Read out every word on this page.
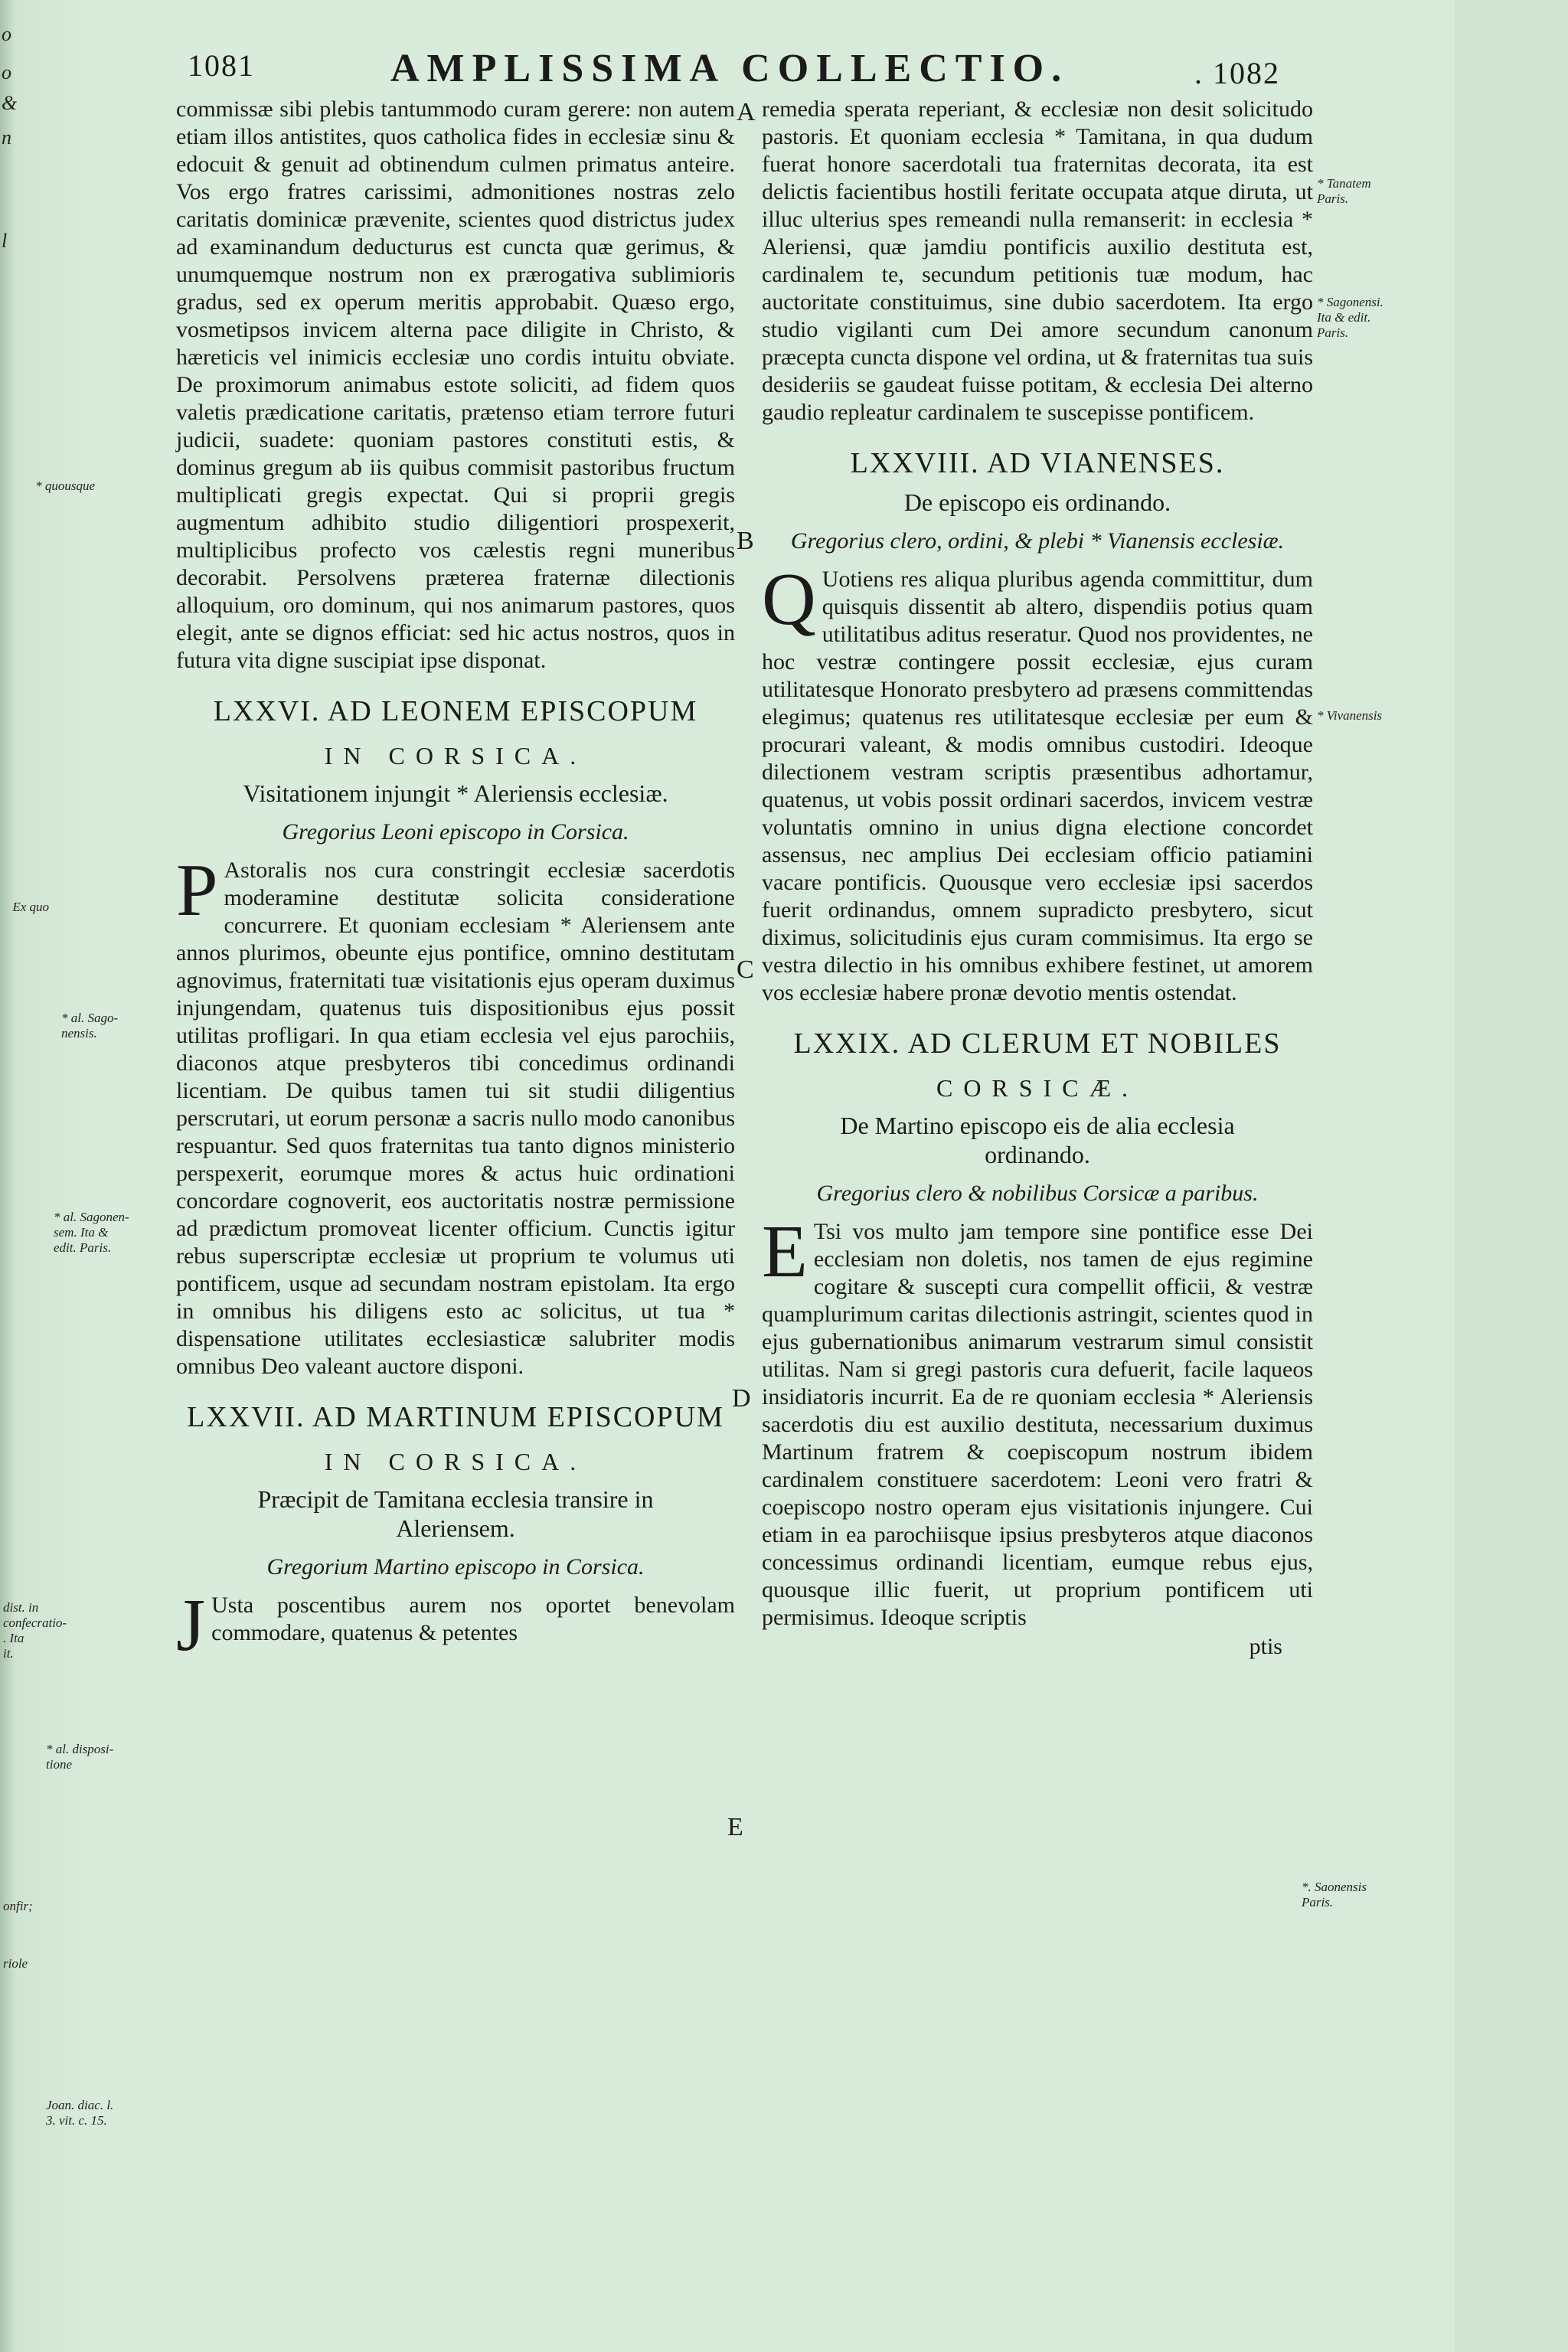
o
o
&
n
l
1081	AMPLISSIMA COLLECTIO.	. 1082
* quousque
Ex quo
* al. Sago-
nensis.
* al. Sagonen-
sem. Ita &
edit. Paris.
dist. in
confecratio-
. Ita
it.
* al. disposi-
tione
onfir;
riole
Joan. diac. l.
3. vit. c. 15.
* Tanatem
Paris.
* Sagonensi.
Ita & edit.
Paris.
* Vivanensis
*. Saonensis
Paris.
A
B
C
D
E

commissæ sibi plebis tantummodo curam gerere: non autem etiam illos antistites, quos catholica fides in ecclesiæ sinu & edocuit & genuit ad obtinendum culmen primatus anteire. Vos ergo fratres carissimi, admonitiones nostras zelo caritatis dominicæ prævenite, scientes quod districtus judex ad examinandum deducturus est cuncta quæ gerimus, & unumquemque nostrum non ex prærogativa sublimioris gradus, sed ex operum meritis approbabit. Quæso ergo, vosmetipsos invicem alterna pace diligite in Christo, & hæreticis vel inimicis ecclesiæ uno cordis intuitu obviate. De proximorum animabus estote soliciti, ad fidem quos valetis prædicatione caritatis, prætenso etiam terrore futuri judicii, suadete: quoniam pastores constituti estis, & dominus gregum ab iis quibus commisit pastoribus fructum multiplicati gregis expectat. Qui si proprii gregis augmentum adhibito studio diligentiori prospexerit, multiplicibus profecto vos cælestis regni muneribus decorabit. Persolvens præterea fraternæ dilectionis alloquium, oro dominum, qui nos animarum pastores, quos elegit, ante se dignos efficiat: sed hic actus nostros, quos in futura vita digne suscipiat ipse disponat.

LXXVI. AD LEONEM EPISCOPUM
IN CORSICA.
Visitationem injungit * Aleriensis ecclesiæ.
Gregorius Leoni episcopo in Corsica.

P Astoralis nos cura constringit ecclesiæ sacerdotis moderamine destitutæ solicita consideratione concurrere. Et quoniam ecclesiam * Aleriensem ante annos plurimos, obeunte ejus pontifice, omnino destitutam agnovimus, fraternitati tuæ visitationis ejus operam duximus injungendam, quatenus tuis dispositionibus ejus possit utilitas profligari. In qua etiam ecclesia vel ejus parochiis, diaconos atque presbyteros tibi concedimus ordinandi licentiam. De quibus tamen tui sit studii diligentius perscrutari, ut eorum personæ a sacris nullo modo canonibus respuantur. Sed quos fraternitas tua tanto dignos ministerio perspexerit, eorumque mores & actus huic ordinationi concordare cognoverit, eos auctoritatis nostræ permissione ad prædictum promoveat licenter officium. Cunctis igitur rebus superscriptæ ecclesiæ ut proprium te volumus uti pontificem, usque ad secundam nostram epistolam. Ita ergo in omnibus his diligens esto ac solicitus, ut tua * dispensatione utilitates ecclesiasticæ salubriter modis omnibus Deo valeant auctore disponi.

LXXVII. AD MARTINUM EPISCOPUM
IN CORSICA.
Præcipit de Tamitana ecclesia transire in Aleriensem.
Gregorium Martino episcopo in Corsica.

J Usta poscentibus aurem nos oportet benevolam commodare, quatenus & petentes

remedia sperata reperiant, & ecclesiæ non desit solicitudo pastoris. Et quoniam ecclesia * Tamitana, in qua dudum fuerat honore sacerdotali tua fraternitas decorata, ita est delictis facientibus hostili feritate occupata atque diruta, ut illuc ulterius spes remeandi nulla remanserit: in ecclesia * Aleriensi, quæ jamdiu pontificis auxilio destituta est, cardinalem te, secundum petitionis tuæ modum, hac auctoritate constituimus, sine dubio sacerdotem. Ita ergo studio vigilanti cum Dei amore secundum canonum præcepta cuncta dispone vel ordina, ut & fraternitas tua suis desideriis se gaudeat fuisse potitam, & ecclesia Dei alterno gaudio repleatur cardinalem te suscepisse pontificem.

LXXVIII. AD VIANENSES.
De episcopo eis ordinando.
Gregorius clero, ordini, & plebi * Vianensis ecclesiæ.

Q Uotiens res aliqua pluribus agenda committitur, dum quisquis dissentit ab altero, dispendiis potius quam utilitatibus aditus reseratur. Quod nos providentes, ne hoc vestræ contingere possit ecclesiæ, ejus curam utilitatesque Honorato presbytero ad præsens committendas elegimus; quatenus res utilitatesque ecclesiæ per eum & procurari valeant, & modis omnibus custodiri. Ideoque dilectionem vestram scriptis præsentibus adhortamur, quatenus, ut vobis possit ordinari sacerdos, invicem vestræ voluntatis omnino in unius digna electione concordet assensus, nec amplius Dei ecclesiam officio patiamini vacare pontificis. Quousque vero ecclesiæ ipsi sacerdos fuerit ordinandus, omnem supradicto presbytero, sicut diximus, solicitudinis ejus curam commisimus. Ita ergo se vestra dilectio in his omnibus exhibere festinet, ut amorem vos ecclesiæ habere pronæ devotio mentis ostendat.

LXXIX. AD CLERUM ET NOBILES
CORSICÆ.
De Martino episcopo eis de alia ecclesia ordinando.
Gregorius clero & nobilibus Corsicæ a paribus.

E Tsi vos multo jam tempore sine pontifice esse Dei ecclesiam non doletis, nos tamen de ejus regimine cogitare & suscepti cura compellit officii, & vestræ quamplurimum caritas dilectionis astringit, scientes quod in ejus gubernationibus animarum vestrarum simul consistit utilitas. Nam si gregi pastoris cura defuerit, facile laqueos insidiatoris incurrit. Ea de re quoniam ecclesia * Aleriensis sacerdotis diu est auxilio destituta, necessarium duximus Martinum fratrem & coepiscopum nostrum ibidem cardinalem constituere sacerdotem: Leoni vero fratri & coepiscopo nostro operam ejus visitationis injungere. Cui etiam in ea parochiisque ipsius presbyteros atque diaconos concessimus ordinandi licentiam, eumque rebus ejus, quousque illic fuerit, ut proprium pontificem uti permisimus. Ideoque scriptis

ptis
